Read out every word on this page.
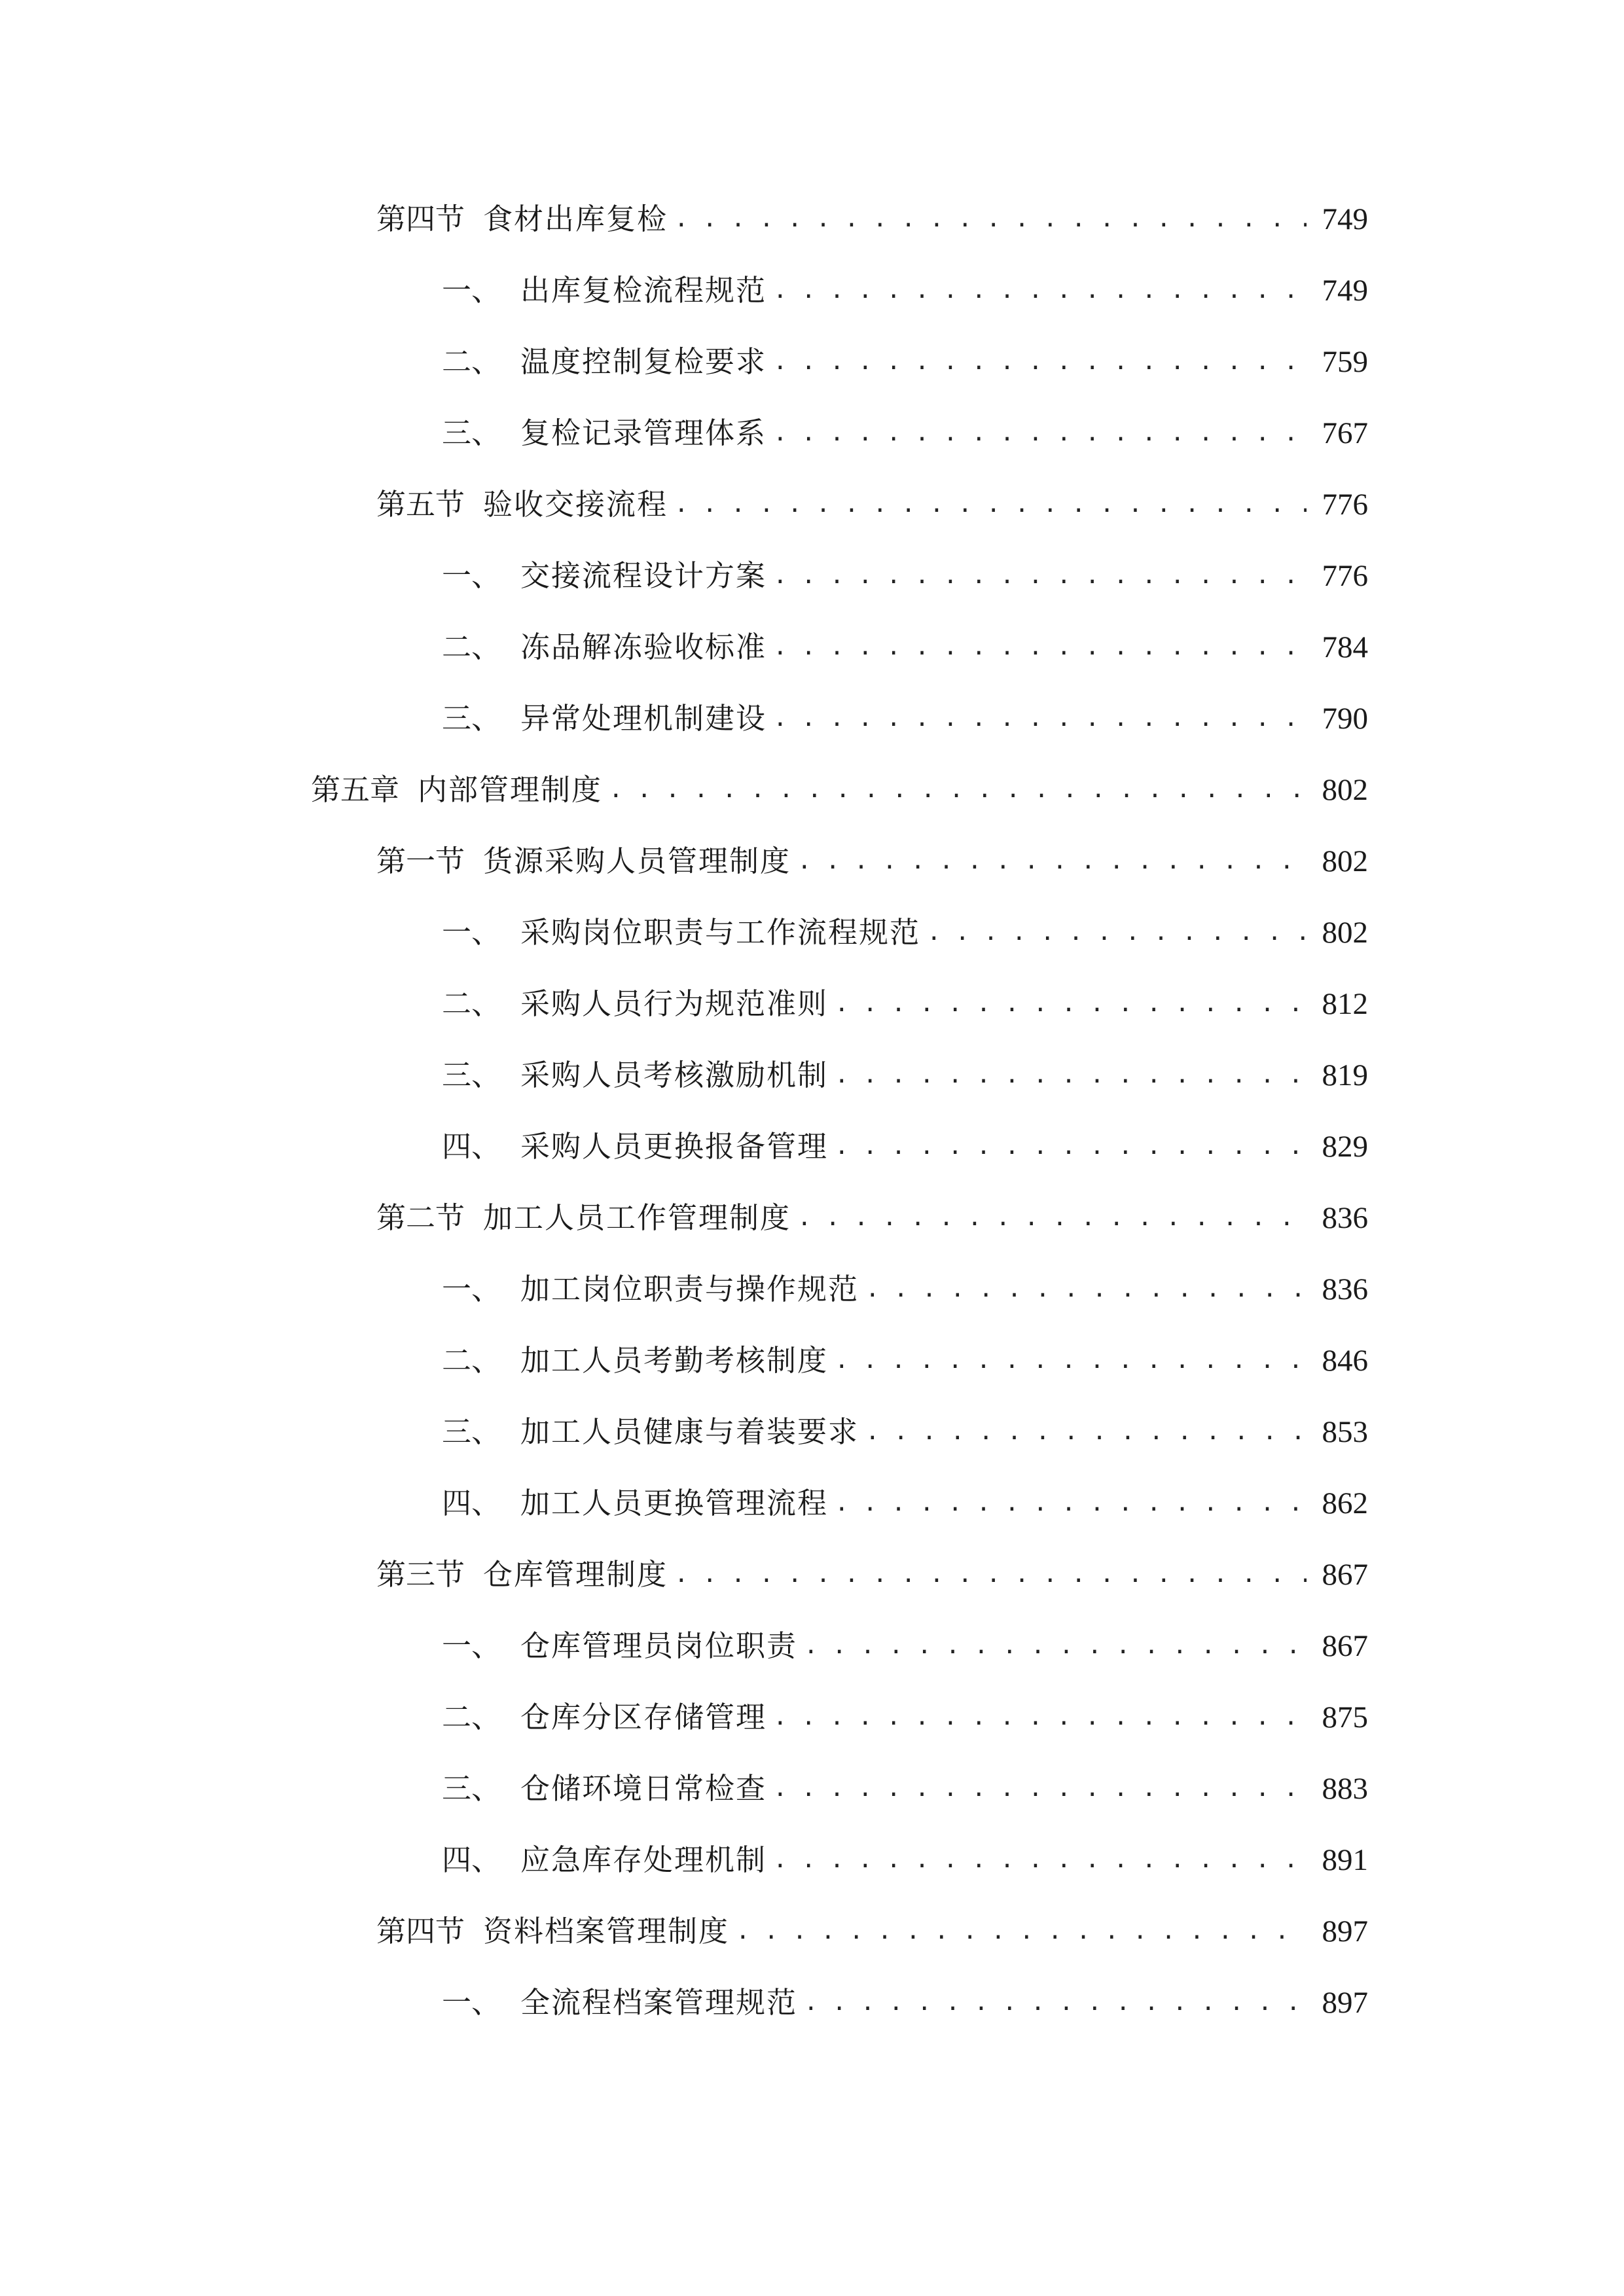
第四节 食材出库复检 . . .	749
一、 出库复检流程规范 . . .	749
二、 温度控制复检要求 . . .	759
三、 复检记录管理体系 . . .	767
第五节 验收交接流程 . . .	776
一、 交接流程设计方案 . . .	776
二、 冻品解冻验收标准 . . .	784
三、 异常处理机制建设 . . .	790
第五章 内部管理制度 . . .	802
第一节 货源采购人员管理制度 . . .	802
一、 采购岗位职责与工作流程规范 . . .	802
二、 采购人员行为规范准则 . . .	812
三、 采购人员考核激励机制 . . .	819
四、 采购人员更换报备管理 . . .	829
第二节 加工人员工作管理制度 . . .	836
一、 加工岗位职责与操作规范 . . .	836
二、 加工人员考勤考核制度 . . .	846
三、 加工人员健康与着装要求 . . .	853
四、 加工人员更换管理流程 . . .	862
第三节 仓库管理制度 . . .	867
一、 仓库管理员岗位职责 . . .	867
二、 仓库分区存储管理 . . .	875
三、 仓储环境日常检查 . . .	883
四、 应急库存处理机制 . . .	891
第四节 资料档案管理制度 . . .	897
一、 全流程档案管理规范 . . .	897
